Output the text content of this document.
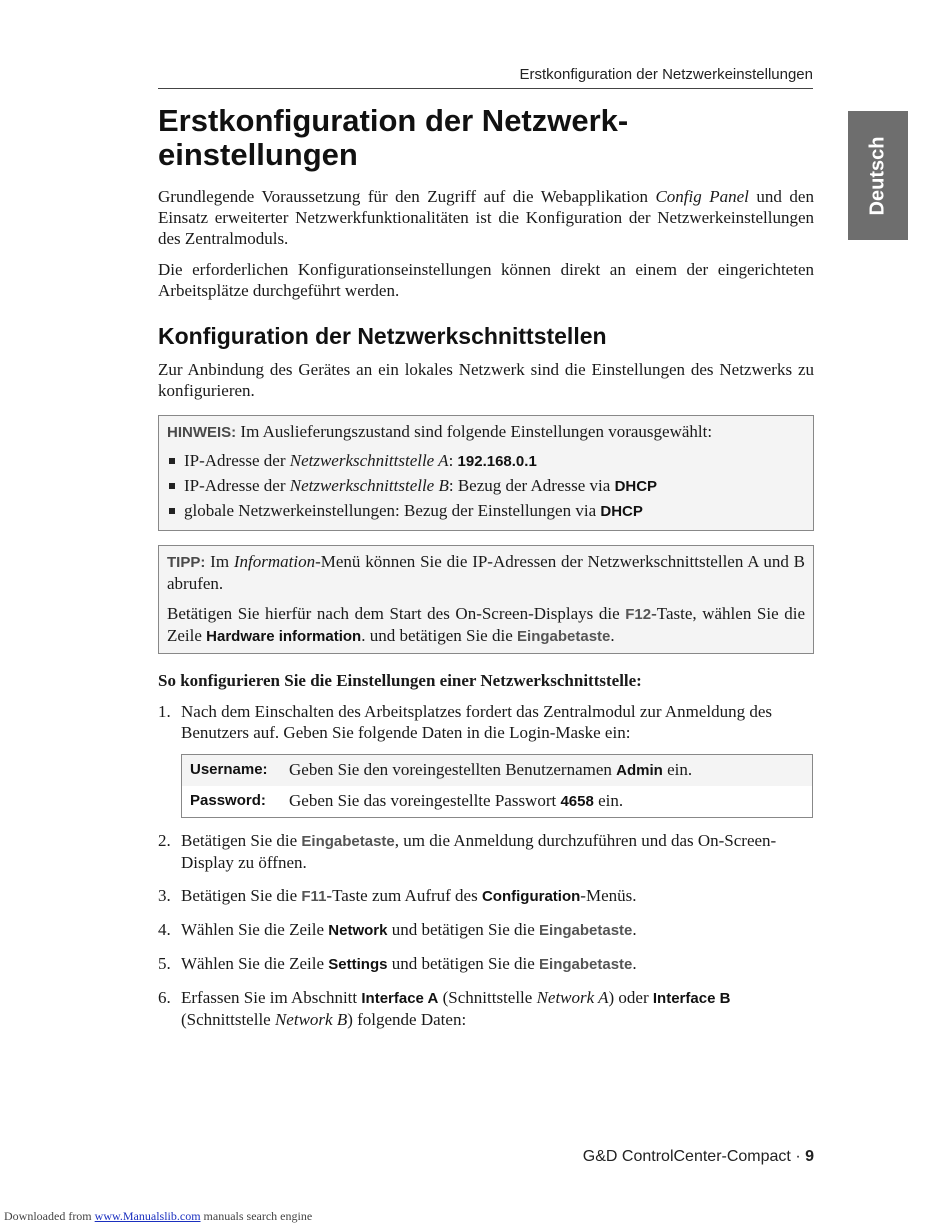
Erstkonfiguration der Netzwerkeinstellungen
Deutsch
Erstkonfiguration der Netzwerk-
einstellungen

Grundlegende Voraussetzung für den Zugriff auf die Webapplikation Config Panel und den Einsatz erweiterter Netzwerkfunktionalitäten ist die Konfiguration der Netzwerkeinstellungen des Zentralmoduls.

Die erforderlichen Konfigurationseinstellungen können direkt an einem der eingerichteten Arbeitsplätze durchgeführt werden.

Konfiguration der Netzwerkschnittstellen

Zur Anbindung des Gerätes an ein lokales Netzwerk sind die Einstellungen des Netzwerks zu konfigurieren.

HINWEIS: Im Auslieferungszustand sind folgende Einstellungen vorausgewählt:
IP-Adresse der Netzwerkschnittstelle A: 192.168.0.1
IP-Adresse der Netzwerkschnittstelle B: Bezug der Adresse via DHCP
globale Netzwerkeinstellungen: Bezug der Einstellungen via DHCP

TIPP: Im Information-Menü können Sie die IP-Adressen der Netzwerkschnittstellen A und B abrufen.

Betätigen Sie hierfür nach dem Start des On-Screen-Displays die F12-Taste, wählen Sie die Zeile Hardware information. und betätigen Sie die Eingabetaste.

So konfigurieren Sie die Einstellungen einer Netzwerkschnittstelle:

1. Nach dem Einschalten des Arbeitsplatzes fordert das Zentralmodul zur Anmeldung des Benutzers auf. Geben Sie folgende Daten in die Login-Maske ein:
Username:	Geben Sie den voreingestellten Benutzernamen Admin ein.
Password:	Geben Sie das voreingestellte Passwort 4658 ein.
2. Betätigen Sie die Eingabetaste, um die Anmeldung durchzuführen und das On-Screen-Display zu öffnen.
3. Betätigen Sie die F11-Taste zum Aufruf des Configuration-Menüs.
4. Wählen Sie die Zeile Network und betätigen Sie die Eingabetaste.
5. Wählen Sie die Zeile Settings und betätigen Sie die Eingabetaste.
6. Erfassen Sie im Abschnitt Interface A (Schnittstelle Network A) oder Interface B (Schnittstelle Network B) folgende Daten:
G&D ControlCenter-Compact · 9
Downloaded from www.Manualslib.com manuals search engine
